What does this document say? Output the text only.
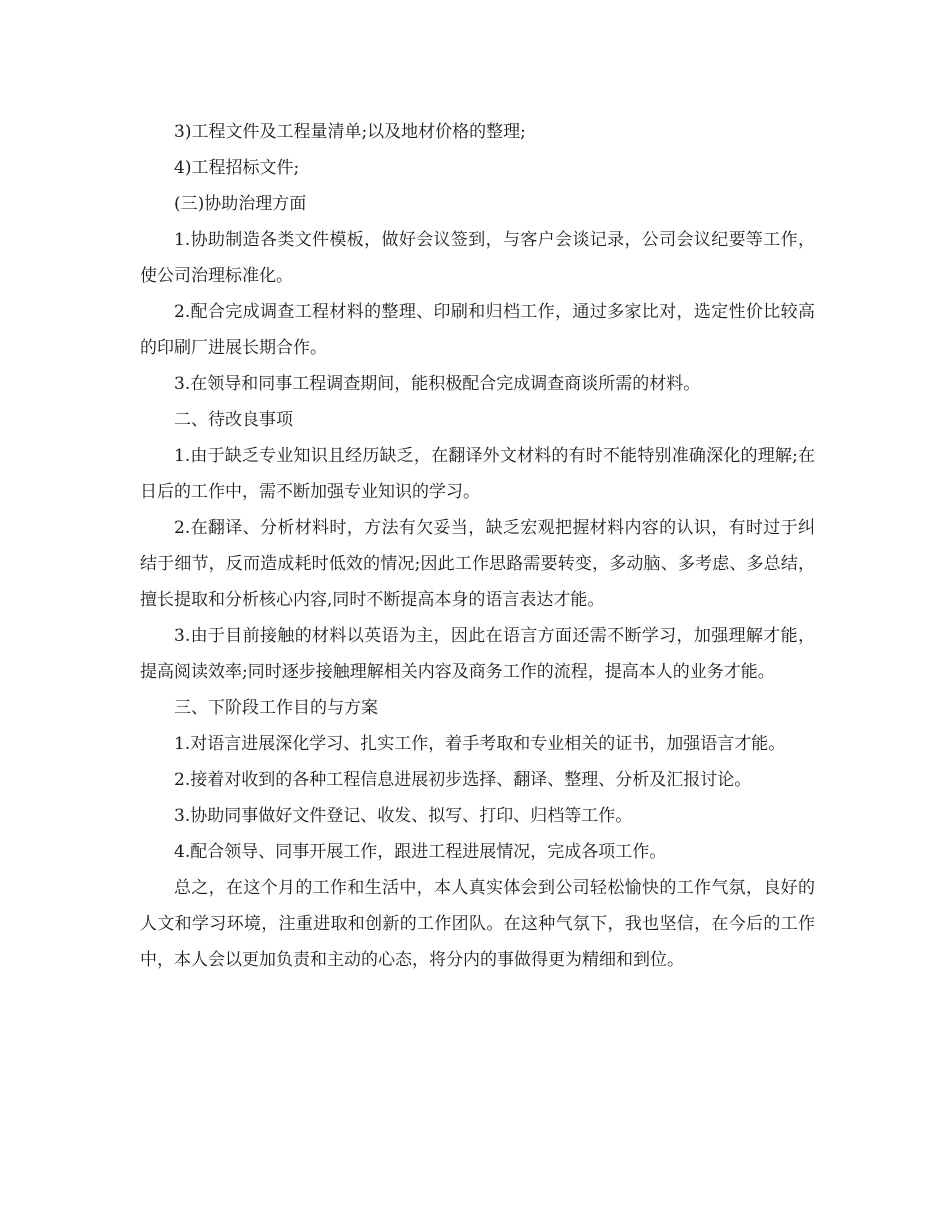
3)工程文件及工程量清单;以及地材价格的整理;

4)工程招标文件;

(三)协助治理方面

1.协助制造各类文件模板，做好会议签到，与客户会谈记录，公司会议纪要等工作，使公司治理标准化。

2.配合完成调查工程材料的整理、印刷和归档工作，通过多家比对，选定性价比较高的印刷厂进展长期合作。

3.在领导和同事工程调查期间，能积极配合完成调查商谈所需的材料。

二、待改良事项

1.由于缺乏专业知识且经历缺乏，在翻译外文材料的有时不能特别准确深化的理解;在日后的工作中，需不断加强专业知识的学习。

2.在翻译、分析材料时，方法有欠妥当，缺乏宏观把握材料内容的认识，有时过于纠结于细节，反而造成耗时低效的情况;因此工作思路需要转变，多动脑、多考虑、多总结，擅长提取和分析核心内容,同时不断提高本身的语言表达才能。

3.由于目前接触的材料以英语为主，因此在语言方面还需不断学习，加强理解才能，提高阅读效率;同时逐步接触理解相关内容及商务工作的流程，提高本人的业务才能。

三、下阶段工作目的与方案

1.对语言进展深化学习、扎实工作，着手考取和专业相关的证书，加强语言才能。

2.接着对收到的各种工程信息进展初步选择、翻译、整理、分析及汇报讨论。

3.协助同事做好文件登记、收发、拟写、打印、归档等工作。

4.配合领导、同事开展工作，跟进工程进展情况，完成各项工作。

总之，在这个月的工作和生活中，本人真实体会到公司轻松愉快的工作气氛，良好的人文和学习环境，注重进取和创新的工作团队。在这种气氛下，我也坚信，在今后的工作中，本人会以更加负责和主动的心态，将分内的事做得更为精细和到位。
